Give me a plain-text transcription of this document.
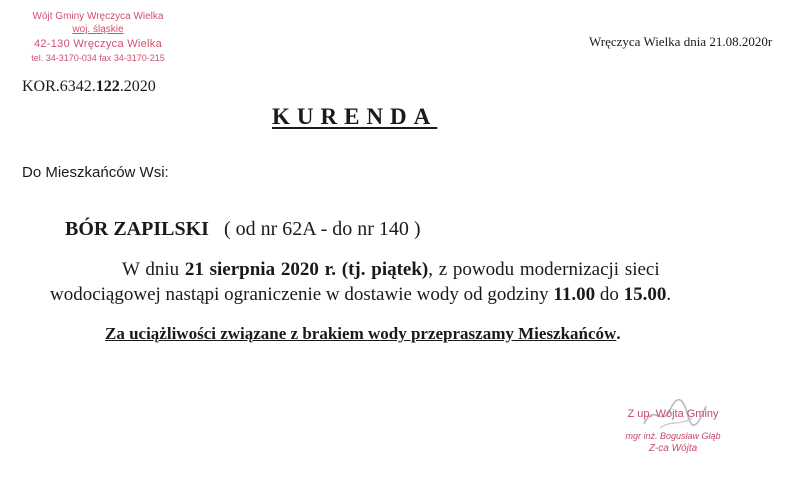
Wójt Gminy Wręczyca Wielka
woj. śląskie
42-130 Wręczyca Wielka
tel. 34-3170-034 fax 34-3170-215
Wręczyca Wielka dnia 21.08.2020r
KOR.6342.122.2020
KURENDA
Do Mieszkańców Wsi:
BÓR ZAPILSKI ( od nr 62A - do nr 140 )
W dniu 21 sierpnia 2020 r. (tj. piątek), z powodu modernizacji sieci
wodociągowej nastąpi ograniczenie w dostawie wody od godziny 11.00 do 15.00.
Za uciążliwości związane z brakiem wody przepraszamy Mieszkańców.
Z up. Wójta Gminy
mgr inż. Bogusław Głąb
Z-ca Wójta
